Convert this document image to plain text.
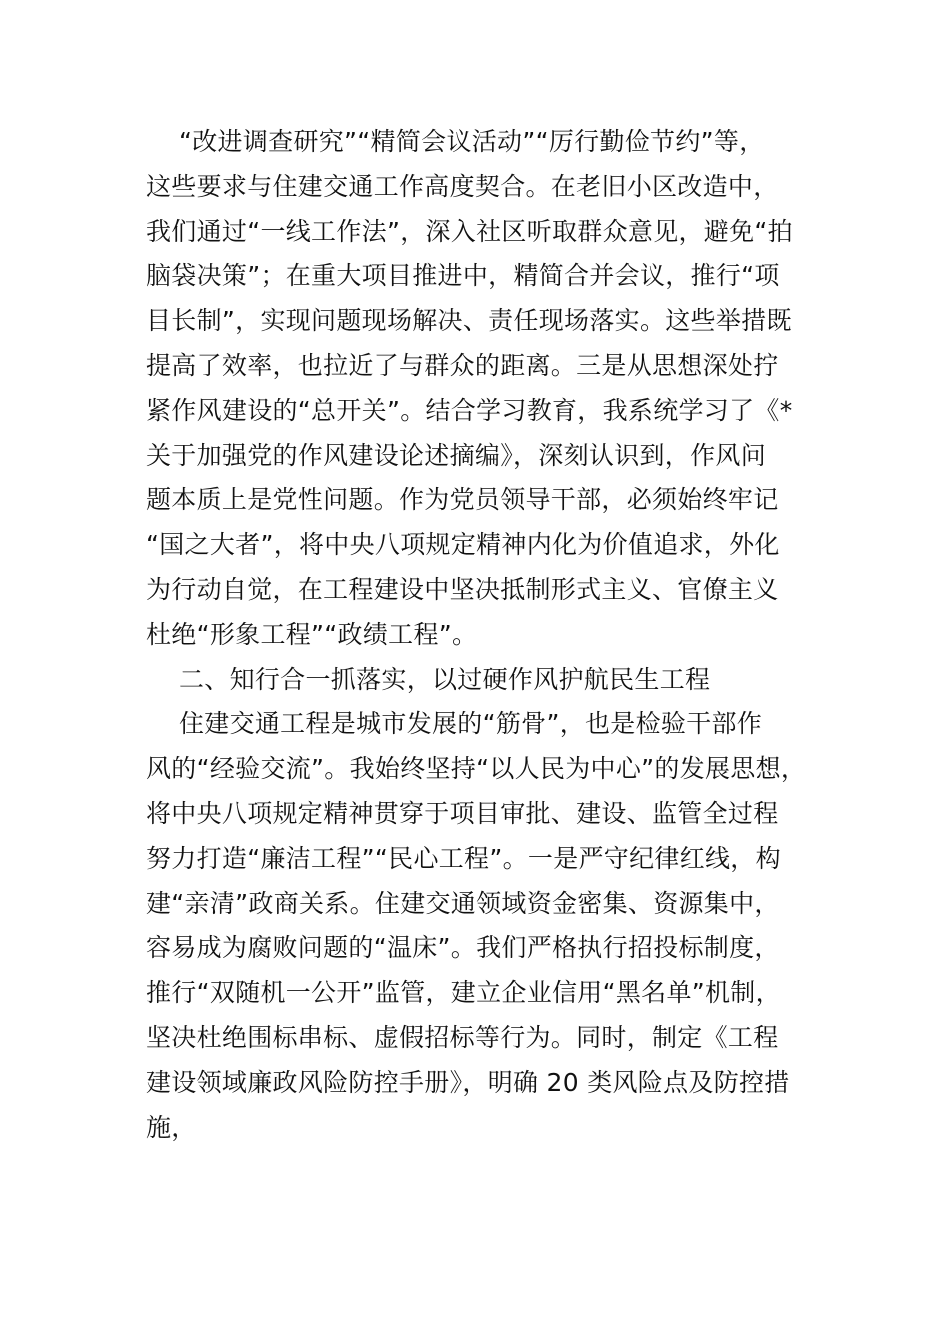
“改进调查研究”“精简会议活动”“厉行勤俭节约”等，
这些要求与住建交通工作高度契合。在老旧小区改造中，
我们通过“一线工作法”，深入社区听取群众意见，避免“拍
脑袋决策”；在重大项目推进中，精简合并会议，推行“项
目长制”，实现问题现场解决、责任现场落实。这些举措既
提高了效率，也拉近了与群众的距离。三是从思想深处拧
紧作风建设的“总开关”。结合学习教育，我系统学习了《*
关于加强党的作风建设论述摘编》，深刻认识到，作风问
题本质上是党性问题。作为党员领导干部，必须始终牢记
“国之大者”，将中央八项规定精神内化为价值追求，外化
为行动自觉，在工程建设中坚决抵制形式主义、官僚主义
杜绝“形象工程”“政绩工程”。
二、知行合一抓落实，以过硬作风护航民生工程
住建交通工程是城市发展的“筋骨”，也是检验干部作
风的“经验交流”。我始终坚持“以人民为中心”的发展思想，
将中央八项规定精神贯穿于项目审批、建设、监管全过程
努力打造“廉洁工程”“民心工程”。一是严守纪律红线，构
建“亲清”政商关系。住建交通领域资金密集、资源集中，
容易成为腐败问题的“温床”。我们严格执行招投标制度，
推行“双随机一公开”监管，建立企业信用“黑名单”机制，
坚决杜绝围标串标、虚假招标等行为。同时，制定《工程
建设领域廉政风险防控手册》，明确 20 类风险点及防控措
施，
